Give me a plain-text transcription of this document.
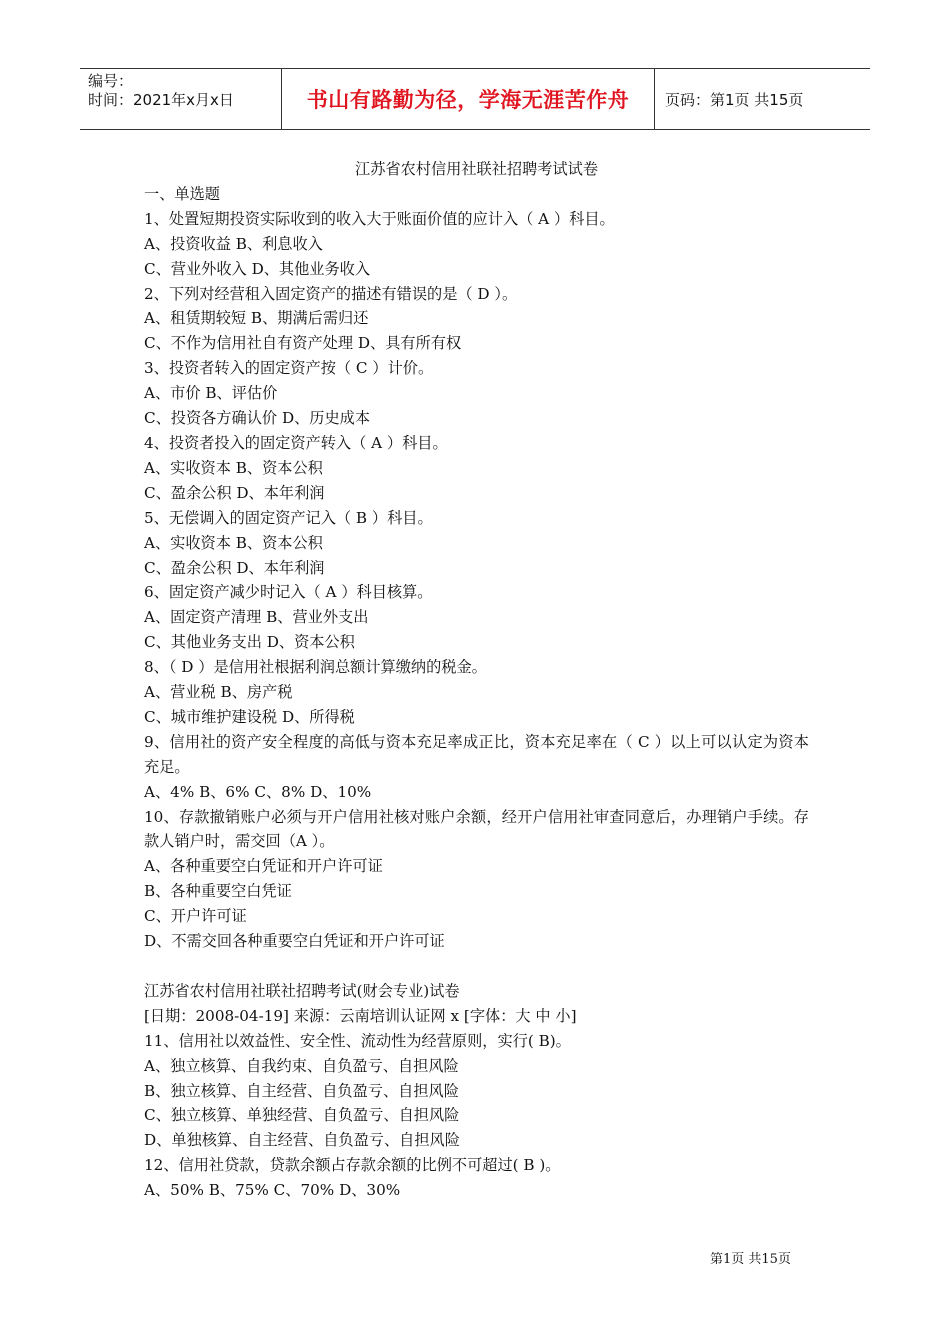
编号：
时间：2021年x月x日	书山有路勤为径，学海无涯苦作舟 页码：第1页 共15页
江苏省农村信用社联社招聘考试试卷
一、单选题
1、处置短期投资实际收到的收入大于账面价值的应计入（ A ）科目。
A、投资收益 B、利息收入
C、营业外收入 D、其他业务收入
2、下列对经营租入固定资产的描述有错误的是（ D ）。
A、租赁期较短 B、期满后需归还
C、不作为信用社自有资产处理 D、具有所有权
3、投资者转入的固定资产按（ C ）计价。
A、市价 B、评估价
C、投资各方确认价 D、历史成本
4、投资者投入的固定资产转入（ A ）科目。
A、实收资本 B、资本公积
C、盈余公积 D、本年利润
5、无偿调入的固定资产记入（ B ）科目。
A、实收资本 B、资本公积
C、盈余公积 D、本年利润
6、固定资产减少时记入（ A ）科目核算。
A、固定资产清理 B、营业外支出
C、其他业务支出 D、资本公积
8、（ D ）是信用社根据利润总额计算缴纳的税金。
A、营业税 B、房产税
C、城市维护建设税 D、所得税
9、信用社的资产安全程度的高低与资本充足率成正比，资本充足率在（ C ）以上可以认定为资本充足。
A、4% B、6% C、8% D、10%
10、存款撤销账户必须与开户信用社核对账户余额，经开户信用社审查同意后，办理销户手续。存款人销户时，需交回（A ）。
A、各种重要空白凭证和开户许可证
B、各种重要空白凭证
C、开户许可证
D、不需交回各种重要空白凭证和开户许可证
江苏省农村信用社联社招聘考试(财会专业)试卷
[日期：2008-04-19] 来源：云南培训认证网 x [字体：大 中 小]
11、信用社以效益性、安全性、流动性为经营原则，实行( B)。
A、独立核算、自我约束、自负盈亏、自担风险
B、独立核算、自主经营、自负盈亏、自担风险
C、独立核算、单独经营、自负盈亏、自担风险
D、单独核算、自主经营、自负盈亏、自担风险
12、信用社贷款，贷款余额占存款余额的比例不可超过( B )。
A、50% B、75% C、70% D、30%
第1页 共15页
